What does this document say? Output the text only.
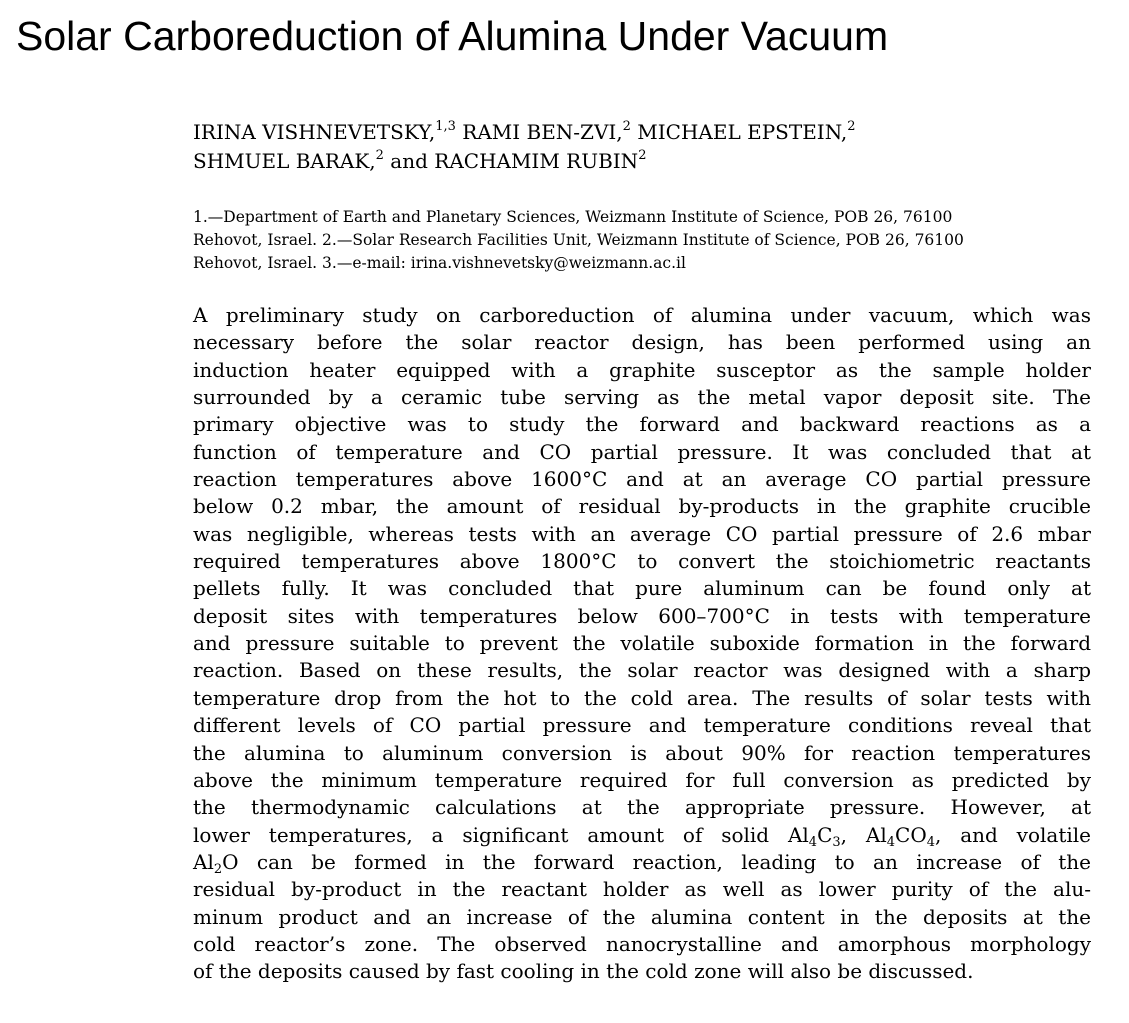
Solar Carboreduction of Alumina Under Vacuum
IRINA VISHNEVETSKY,$^{1,3}$ RAMI BEN-ZVI,$^2$ MICHAEL EPSTEIN,$^2$
SHMUEL BARAK,$^2$ and RACHAMIM RUBIN$^2$
1.—Department of Earth and Planetary Sciences, Weizmann Institute of Science, POB 26, 76100
Rehovot, Israel. 2.—Solar Research Facilities Unit, Weizmann Institute of Science, POB 26, 76100
Rehovot, Israel. 3.—e-mail: irina.vishnevetsky@weizmann.ac.il
A preliminary study on carboreduction of alumina under vacuum, which was
necessary before the solar reactor design, has been performed using an
induction heater equipped with a graphite susceptor as the sample holder
surrounded by a ceramic tube serving as the metal vapor deposit site. The
primary objective was to study the forward and backward reactions as a
function of temperature and CO partial pressure. It was concluded that at
reaction temperatures above 1600°C and at an average CO partial pressure
below 0.2 mbar, the amount of residual by-products in the graphite crucible
was negligible, whereas tests with an average CO partial pressure of 2.6 mbar
required temperatures above 1800°C to convert the stoichiometric reactants
pellets fully. It was concluded that pure aluminum can be found only at
deposit sites with temperatures below 600–700°C in tests with temperature
and pressure suitable to prevent the volatile suboxide formation in the forward
reaction. Based on these results, the solar reactor was designed with a sharp
temperature drop from the hot to the cold area. The results of solar tests with
different levels of CO partial pressure and temperature conditions reveal that
the alumina to aluminum conversion is about 90% for reaction temperatures
above the minimum temperature required for full conversion as predicted by
the thermodynamic calculations at the appropriate pressure. However, at
lower temperatures, a significant amount of solid $Al_4C_3$, $Al_4CO_4$, and volatile
$Al_2O$ can be formed in the forward reaction, leading to an increase of the
residual by-product in the reactant holder as well as lower purity of the alu-
minum product and an increase of the alumina content in the deposits at the
cold reactor’s zone. The observed nanocrystalline and amorphous morphology
of the deposits caused by fast cooling in the cold zone will also be discussed.
